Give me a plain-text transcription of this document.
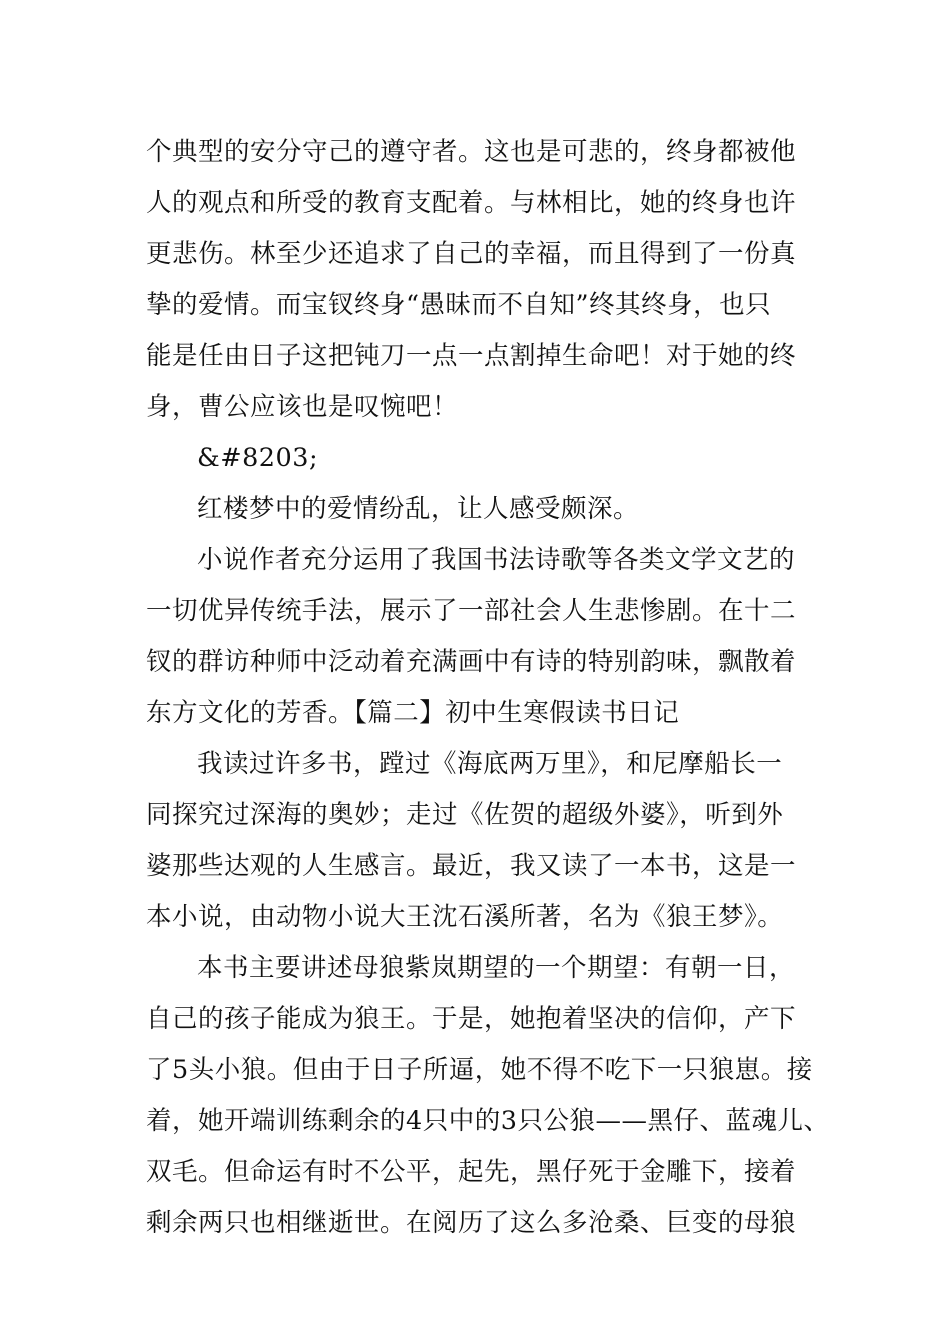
个典型的安分守己的遵守者。这也是可悲的，终身都被他
人的观点和所受的教育支配着。与林相比，她的终身也许
更悲伤。林至少还追求了自己的幸福，而且得到了一份真
挚的爱情。而宝钗终身“愚昧而不自知”终其终身，也只
能是任由日子这把钝刀一点一点割掉生命吧！对于她的终
身，曹公应该也是叹惋吧！
&#8203;
红楼梦中的爱情纷乱，让人感受颇深。
小说作者充分运用了我国书法诗歌等各类文学文艺的
一切优异传统手法，展示了一部社会人生悲惨剧。在十二
钗的群访种师中泛动着充满画中有诗的特别韵味，飘散着
东方文化的芳香。【篇二】初中生寒假读书日记
我读过许多书，蹚过《海底两万里》，和尼摩船长一
同探究过深海的奥妙；走过《佐贺的超级外婆》，听到外
婆那些达观的人生感言。最近，我又读了一本书，这是一
本小说，由动物小说大王沈石溪所著，名为《狼王梦》。
本书主要讲述母狼紫岚期望的一个期望：有朝一日，
自己的孩子能成为狼王。于是，她抱着坚决的信仰，产下
了5头小狼。但由于日子所逼，她不得不吃下一只狼崽。接
着，她开端训练剩余的4只中的3只公狼——黑仔、蓝魂儿、
双毛。但命运有时不公平，起先，黑仔死于金雕下，接着
剩余两只也相继逝世。在阅历了这么多沧桑、巨变的母狼
